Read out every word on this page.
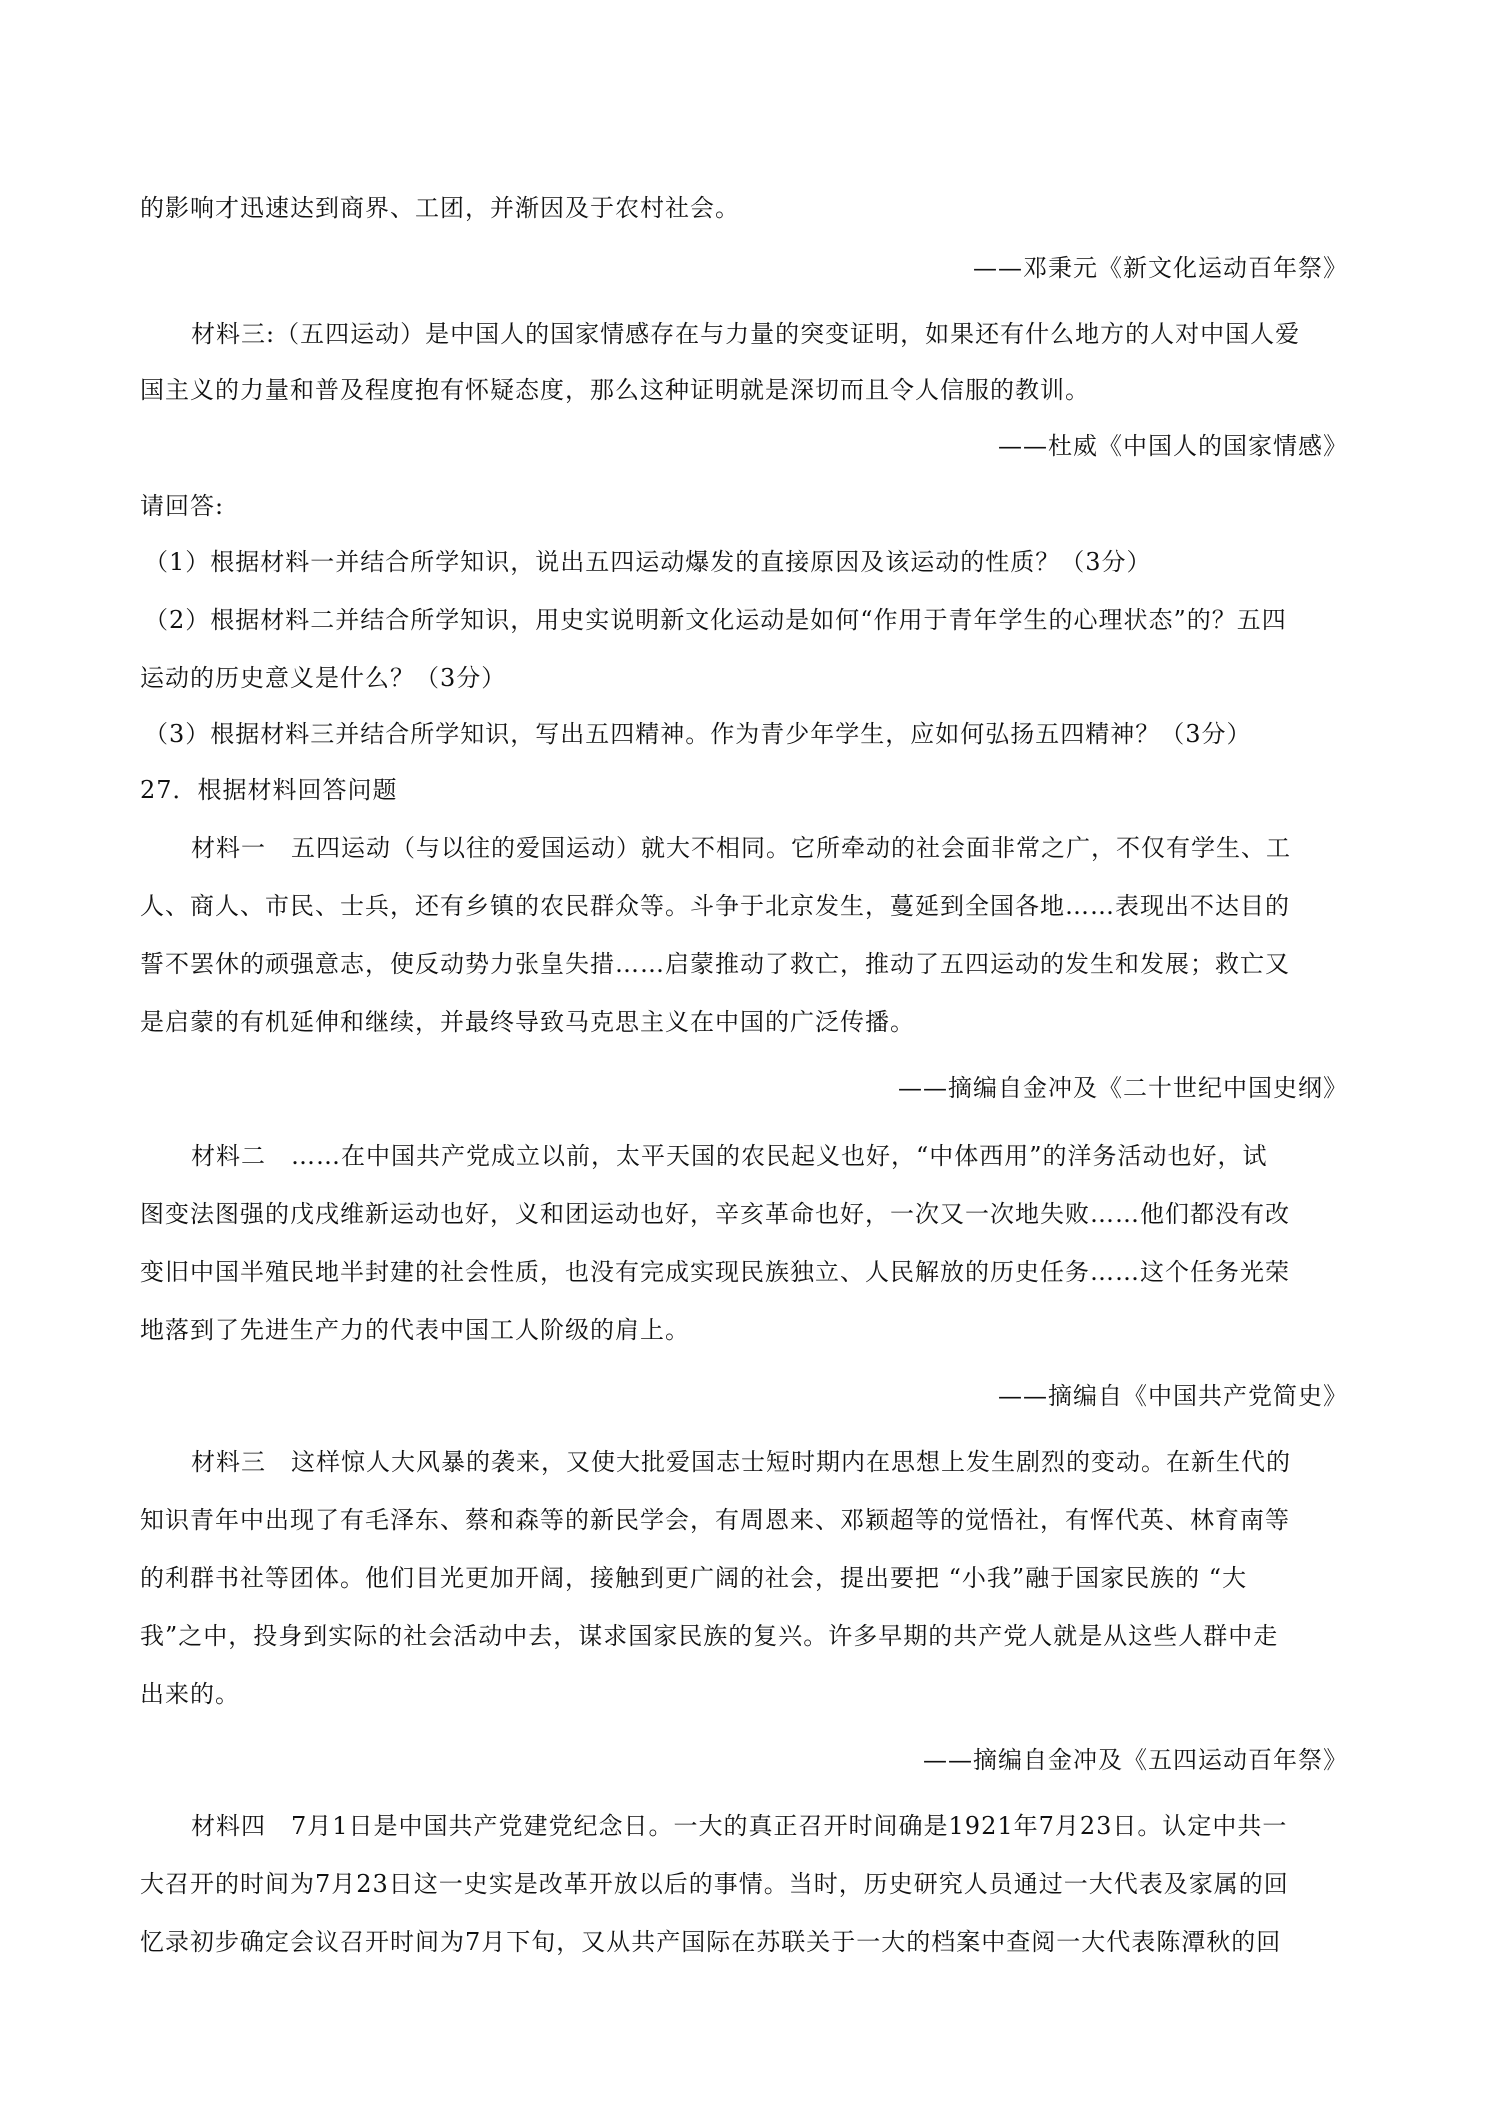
的影响才迅速达到商界、工团，并渐因及于农村社会。
——邓秉元《新文化运动百年祭》
材料三:（五四运动）是中国人的国家情感存在与力量的突变证明，如果还有什么地方的人对中国人爱
国主义的力量和普及程度抱有怀疑态度，那么这种证明就是深切而且令人信服的教训。
——杜威《中国人的国家情感》
请回答:
（1）根据材料一并结合所学知识，说出五四运动爆发的直接原因及该运动的性质？（3分）
（2）根据材料二并结合所学知识，用史实说明新文化运动是如何“作用于青年学生的心理状态”的？五四
运动的历史意义是什么？（3分）
（3）根据材料三并结合所学知识，写出五四精神。作为青少年学生，应如何弘扬五四精神？（3分）
27．根据材料回答问题
材料一　五四运动（与以往的爱国运动）就大不相同。它所牵动的社会面非常之广，不仅有学生、工
人、商人、市民、士兵，还有乡镇的农民群众等。斗争于北京发生，蔓延到全国各地……表现出不达目的
誓不罢休的顽强意志，使反动势力张皇失措……启蒙推动了救亡，推动了五四运动的发生和发展；救亡又
是启蒙的有机延伸和继续，并最终导致马克思主义在中国的广泛传播。
——摘编自金冲及《二十世纪中国史纲》
材料二　……在中国共产党成立以前，太平天国的农民起义也好，“中体西用”的洋务活动也好，试
图变法图强的戊戌维新运动也好，义和团运动也好，辛亥革命也好，一次又一次地失败……他们都没有改
变旧中国半殖民地半封建的社会性质，也没有完成实现民族独立、人民解放的历史任务……这个任务光荣
地落到了先进生产力的代表中国工人阶级的肩上。
——摘编自《中国共产党简史》
材料三　这样惊人大风暴的袭来，又使大批爱国志士短时期内在思想上发生剧烈的变动。在新生代的
知识青年中出现了有毛泽东、蔡和森等的新民学会，有周恩来、邓颖超等的觉悟社，有恽代英、林育南等
的利群书社等团体。他们目光更加开阔，接触到更广阔的社会，提出要把 “小我”融于国家民族的 “大
我”之中，投身到实际的社会活动中去，谋求国家民族的复兴。许多早期的共产党人就是从这些人群中走
出来的。
——摘编自金冲及《五四运动百年祭》
材料四　7月1日是中国共产党建党纪念日。一大的真正召开时间确是1921年7月23日。认定中共一
大召开的时间为7月23日这一史实是改革开放以后的事情。当时，历史研究人员通过一大代表及家属的回
忆录初步确定会议召开时间为7月下旬，又从共产国际在苏联关于一大的档案中查阅一大代表陈潭秋的回
